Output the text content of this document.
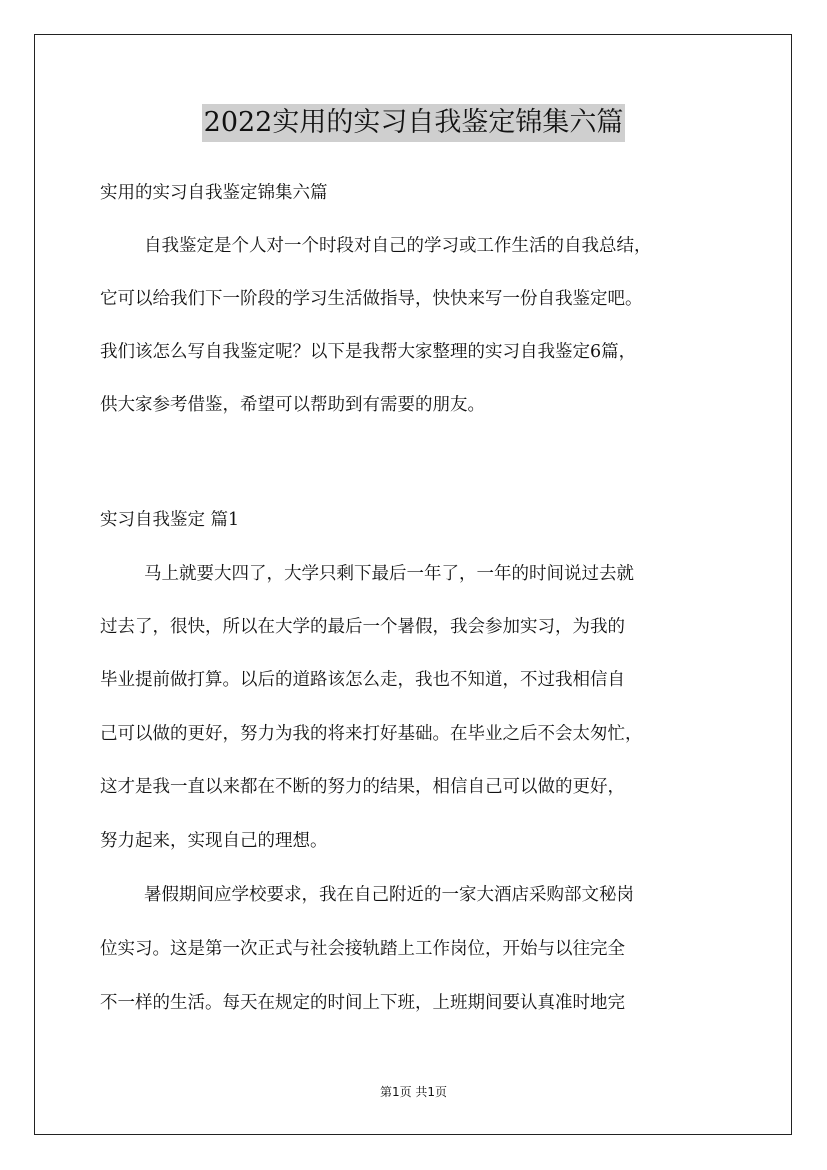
2022实用的实习自我鉴定锦集六篇
实用的实习自我鉴定锦集六篇
自我鉴定是个人对一个时段对自己的学习或工作生活的自我总结，
它可以给我们下一阶段的学习生活做指导，快快来写一份自我鉴定吧。
我们该怎么写自我鉴定呢？以下是我帮大家整理的实习自我鉴定6篇，
供大家参考借鉴，希望可以帮助到有需要的朋友。
实习自我鉴定 篇1
马上就要大四了，大学只剩下最后一年了，一年的时间说过去就
过去了，很快，所以在大学的最后一个暑假，我会参加实习，为我的
毕业提前做打算。以后的道路该怎么走，我也不知道，不过我相信自
己可以做的更好，努力为我的将来打好基础。在毕业之后不会太匆忙，
这才是我一直以来都在不断的努力的结果，相信自己可以做的更好，
努力起来，实现自己的理想。
暑假期间应学校要求，我在自己附近的一家大酒店采购部文秘岗
位实习。这是第一次正式与社会接轨踏上工作岗位，开始与以往完全
不一样的生活。每天在规定的时间上下班，上班期间要认真准时地完
第1页 共1页
